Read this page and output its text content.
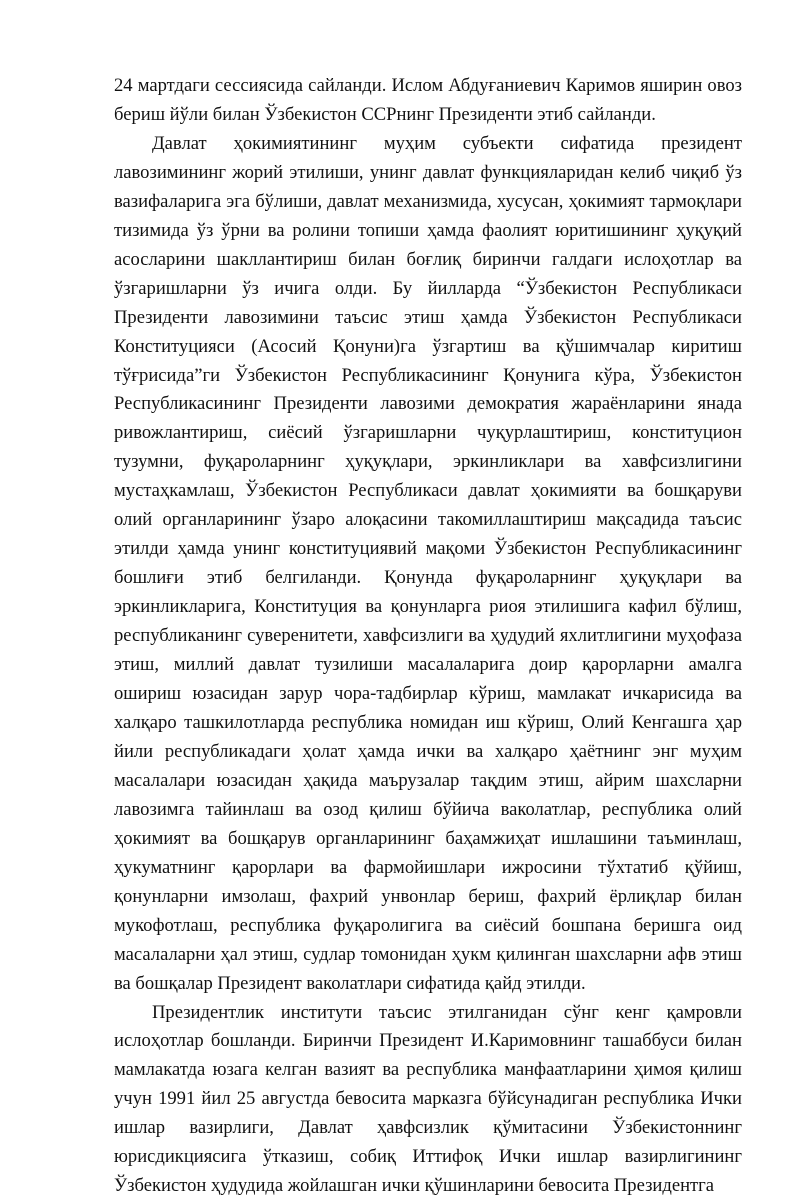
24 мартдаги сессиясида сайланди. Ислом Абдуғаниевич Каримов яширин овоз бериш йўли билан Ўзбекистон ССРнинг Президенти этиб сайланди.

Давлат ҳокимиятининг муҳим субъекти сифатида президент лавозимининг жорий этилиши, унинг давлат функцияларидан келиб чиқиб ўз вазифаларига эга бўлиши, давлат механизмида, хусусан, ҳокимият тармоқлари тизимида ўз ўрни ва ролини топиши ҳамда фаолият юритишининг ҳуқуқий асосларини шакллантириш билан боғлиқ биринчи галдаги ислоҳотлар ва ўзгаришларни ўз ичига олди. Бу йилларда “Ўзбекистон Республикаси Президенти лавозимини таъсис этиш ҳамда Ўзбекистон Республикаси Конституцияси (Асосий Қонуни)га ўзгартиш ва қўшимчалар киритиш тўғрисида”ги Ўзбекистон Республикасининг Қонунига кўра, Ўзбекистон Республикасининг Президенти лавозими демократия жараёнларини янада ривожлантириш, сиёсий ўзгаришларни чуқурлаштириш, конституцион тузумни, фуқароларнинг ҳуқуқлари, эркинликлари ва хавфсизлигини мустаҳкамлаш, Ўзбекистон Республикаси давлат ҳокимияти ва бошқаруви олий органларининг ўзаро алоқасини такомиллаштириш мақсадида таъсис этилди ҳамда унинг конституциявий мақоми Ўзбекистон Республикасининг бошлиғи этиб белгиланди. Қонунда фуқароларнинг ҳуқуқлари ва эркинликларига, Конституция ва қонунларга риоя этилишига кафил бўлиш, республиканинг суверенитети, хавфсизлиги ва ҳудудий яхлитлигини муҳофаза этиш, миллий давлат тузилиши масалаларига доир қарорларни амалга ошириш юзасидан зарур чора-тадбирлар кўриш, мамлакат ичкарисида ва халқаро ташкилотларда республика номидан иш кўриш, Олий Кенгашга ҳар йили республикадаги ҳолат ҳамда ички ва халқаро ҳаётнинг энг муҳим масалалари юзасидан ҳақида маърузалар тақдим этиш, айрим шахсларни лавозимга тайинлаш ва озод қилиш бўйича ваколатлар, республика олий ҳокимият ва бошқарув органларининг баҳамжиҳат ишлашини таъминлаш, ҳукуматнинг қарорлари ва фармойишлари ижросини тўхтатиб қўйиш, қонунларни имзолаш, фахрий унвонлар бериш, фахрий ёрлиқлар билан мукофотлаш, республика фуқаролигига ва сиёсий бошпана беришга оид масалаларни ҳал этиш, судлар томонидан ҳукм қилинган шахсларни афв этиш ва бошқалар Президент ваколатлари сифатида қайд этилди.

Президентлик институти таъсис этилганидан сўнг кенг қамровли ислоҳотлар бошланди. Биринчи Президент И.Каримовнинг ташаббуси билан мамлакатда юзага келган вазият ва республика манфаатларини ҳимоя қилиш учун 1991 йил 25 августда бевосита марказга бўйсунадиган республика Ички ишлар вазирлиги, Давлат ҳавфсизлик қўмитасини Ўзбекистоннинг юрисдикциясига ўтказиш, собиқ Иттифоқ Ички ишлар вазирлигининг Ўзбекистон ҳудудида жойлашган ички қўшинларини бевосита Президентга
